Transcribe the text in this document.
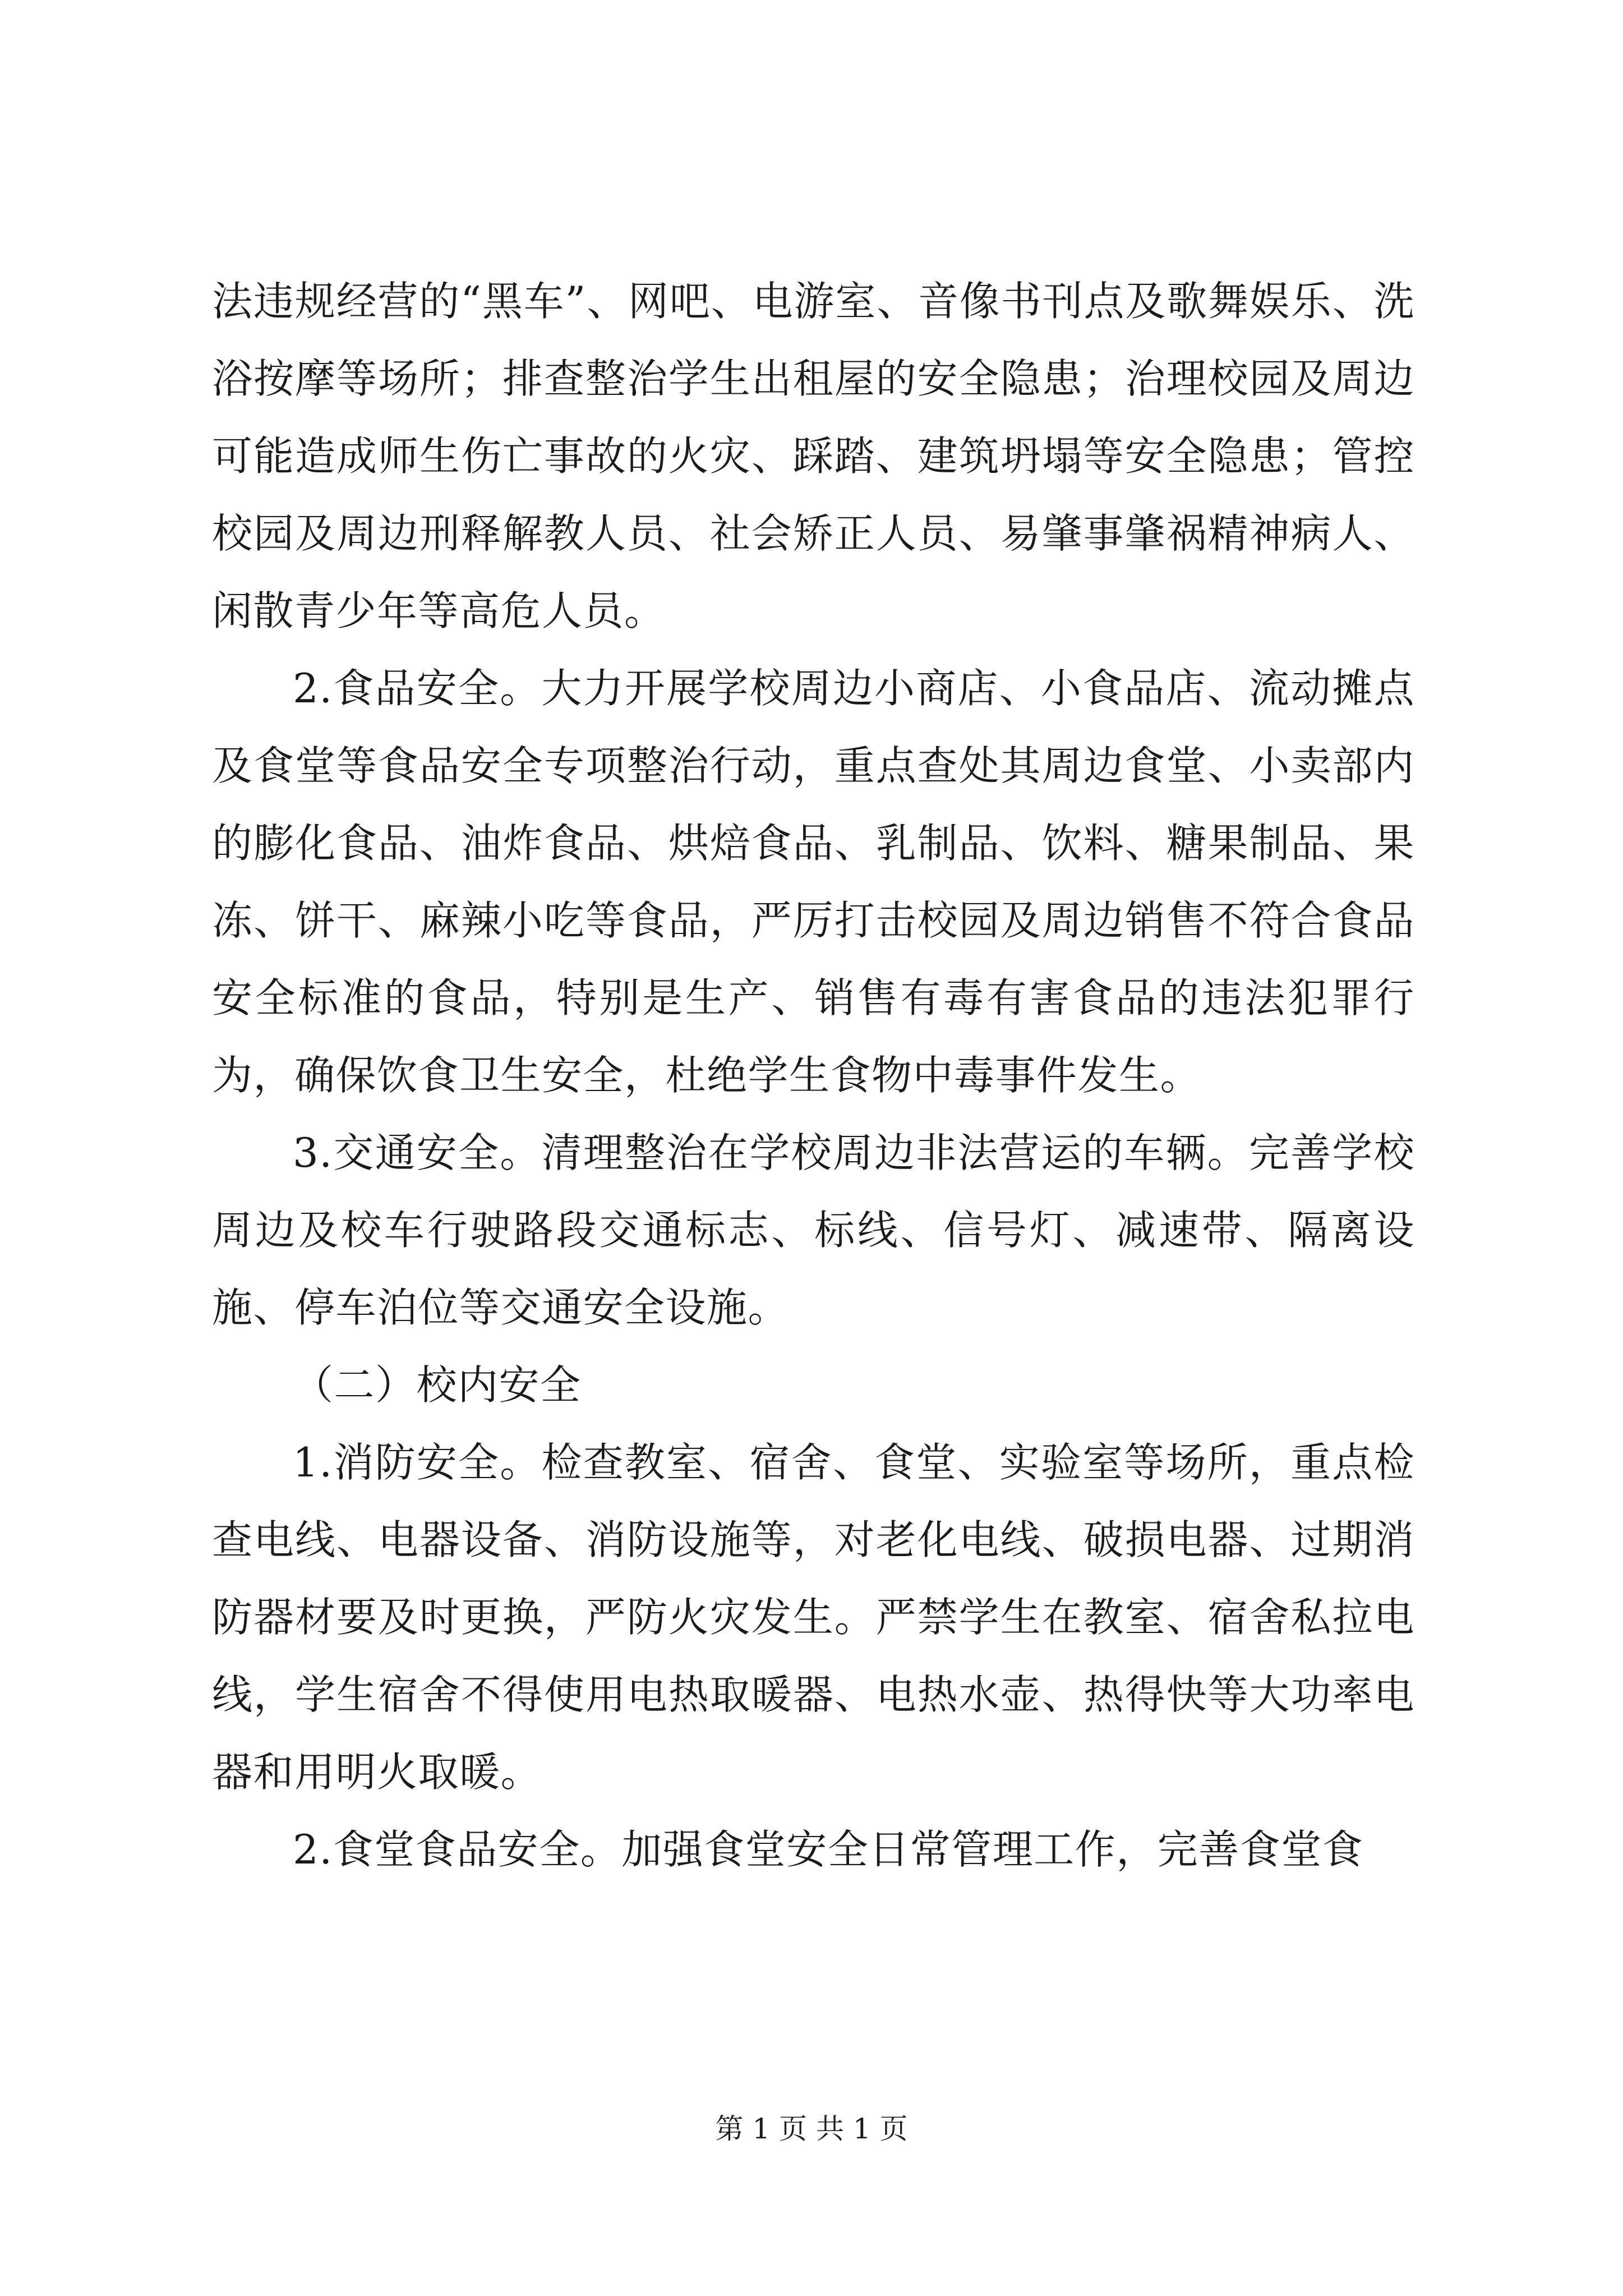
法违规经营的“黑车”、网吧、电游室、音像书刊点及歌舞娱乐、洗浴按摩等场所；排查整治学生出租屋的安全隐患；治理校园及周边可能造成师生伤亡事故的火灾、踩踏、建筑坍塌等安全隐患；管控校园及周边刑释解教人员、社会矫正人员、易肇事肇祸精神病人、闲散青少年等高危人员。

2.食品安全。大力开展学校周边小商店、小食品店、流动摊点及食堂等食品安全专项整治行动，重点查处其周边食堂、小卖部内的膨化食品、油炸食品、烘焙食品、乳制品、饮料、糖果制品、果冻、饼干、麻辣小吃等食品，严厉打击校园及周边销售不符合食品安全标准的食品，特别是生产、销售有毒有害食品的违法犯罪行为，确保饮食卫生安全，杜绝学生食物中毒事件发生。

3.交通安全。清理整治在学校周边非法营运的车辆。完善学校周边及校车行驶路段交通标志、标线、信号灯、减速带、隔离设施、停车泊位等交通安全设施。

（二）校内安全

1.消防安全。检查教室、宿舍、食堂、实验室等场所，重点检查电线、电器设备、消防设施等，对老化电线、破损电器、过期消防器材要及时更换，严防火灾发生。严禁学生在教室、宿舍私拉电线，学生宿舍不得使用电热取暖器、电热水壶、热得快等大功率电器和用明火取暖。

2.食堂食品安全。加强食堂安全日常管理工作，完善食堂食

第 1 页 共 1 页
